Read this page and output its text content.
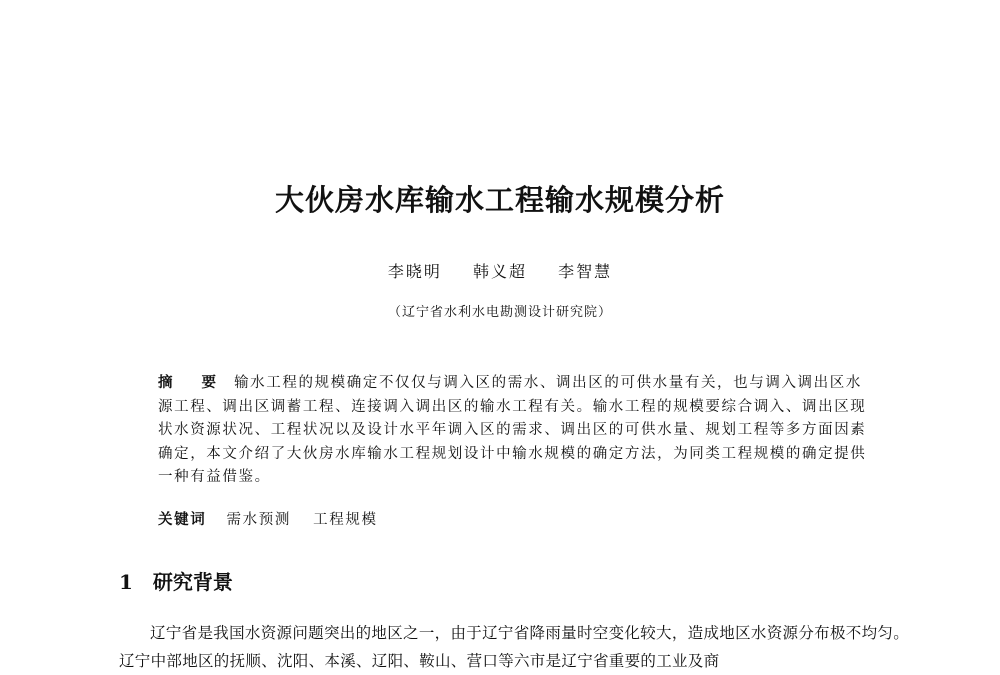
大伙房水库输水工程输水规模分析
李晓明 韩义超 李智慧
（辽宁省水利水电勘测设计研究院）
摘 要 输水工程的规模确定不仅仅与调入区的需水、调出区的可供水量有关，也与调入调出区水源工程、调出区调蓄工程、连接调入调出区的输水工程有关。输水工程的规模要综合调入、调出区现状水资源状况、工程状况以及设计水平年调入区的需求、调出区的可供水量、规划工程等多方面因素确定，本文介绍了大伙房水库输水工程规划设计中输水规模的确定方法，为同类工程规模的确定提供一种有益借鉴。
关键词 需水预测 工程规模
1 研究背景
辽宁省是我国水资源问题突出的地区之一，由于辽宁省降雨量时空变化较大，造成地区水资源分布极不均匀。辽宁中部地区的抚顺、沈阳、本溪、辽阳、鞍山、营口等六市是辽宁省重要的工业及商
